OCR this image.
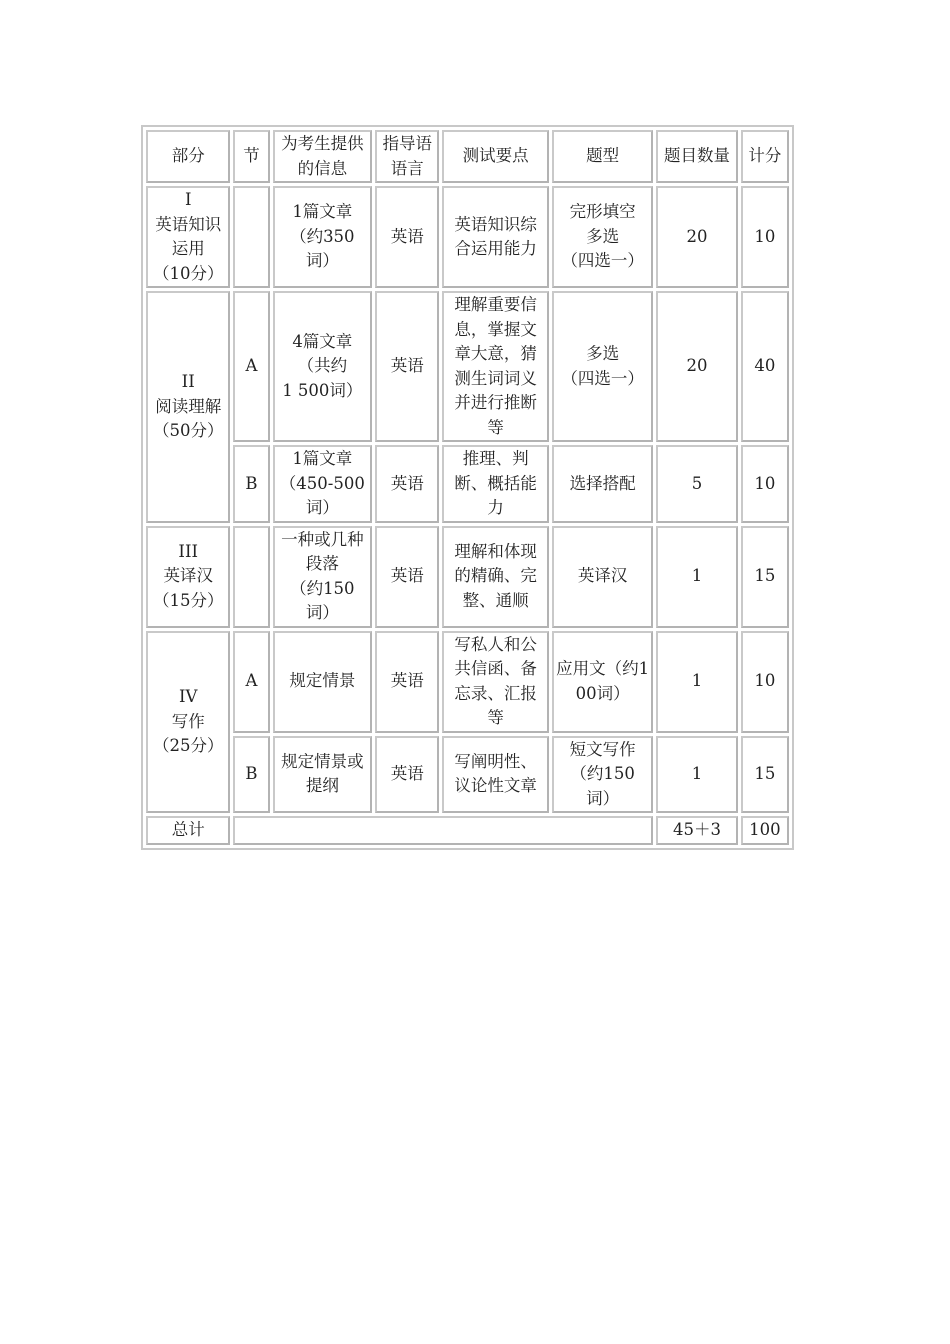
部分	节	为考生提供的信息	指导语语言	测试要点	题型	题目数量	计分
I
英语知识
运用
（10分）		1篇文章
（约350
词）	英语	英语知识综合运用能力	完形填空
多选
（四选一）	20	10
II
阅读理解
（50分）	A	4篇文章
（共约
1 500词）	英语	理解重要信息，掌握文章大意，猜测生词词义并进行推断等	多选
（四选一）	20	40
	B	1篇文章
（450-500
词）	英语	推理、判断、概括能力	选择搭配	5	10
III
英译汉
（15分）		一种或几种段落
（约150
词）	英语	理解和体现的精确、完整、通顺	英译汉	1	15
IV
写作
（25分）	A	规定情景	英语	写私人和公共信函、备忘录、汇报等	应用文（约100词）	1	10
	B	规定情景或提纲	英语	写阐明性、议论性文章	短文写作
（约150
词）	1	15
总计						45＋3	100
